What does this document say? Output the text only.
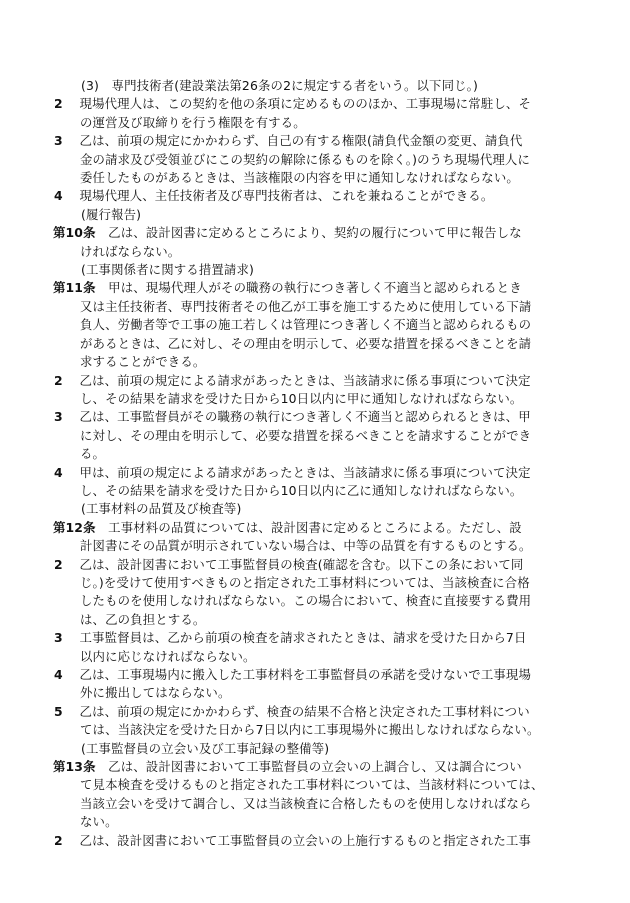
(3)　専門技術者(建設業法第26条の2に規定する者をいう。以下同じ。)
2　現場代理人は、この契約を他の条項に定めるもののほか、工事現場に常駐し、そ
の運営及び取締りを行う権限を有する。
3　乙は、前項の規定にかかわらず、自己の有する権限(請負代金額の変更、請負代
金の請求及び受領並びにこの契約の解除に係るものを除く。)のうち現場代理人に
委任したものがあるときは、当該権限の内容を甲に通知しなければならない。
4　現場代理人、主任技術者及び専門技術者は、これを兼ねることができる。
(履行報告)
第10条　乙は、設計図書に定めるところにより、契約の履行について甲に報告しな
ければならない。
(工事関係者に関する措置請求)
第11条　甲は、現場代理人がその職務の執行につき著しく不適当と認められるとき
又は主任技術者、専門技術者その他乙が工事を施工するために使用している下請
負人、労働者等で工事の施工若しくは管理につき著しく不適当と認められるもの
があるときは、乙に対し、その理由を明示して、必要な措置を採るべきことを請
求することができる。
2　乙は、前項の規定による請求があったときは、当該請求に係る事項について決定
し、その結果を請求を受けた日から10日以内に甲に通知しなければならない。
3　乙は、工事監督員がその職務の執行につき著しく不適当と認められるときは、甲
に対し、その理由を明示して、必要な措置を採るべきことを請求することができ
る。
4　甲は、前項の規定による請求があったときは、当該請求に係る事項について決定
し、その結果を請求を受けた日から10日以内に乙に通知しなければならない。
(工事材料の品質及び検査等)
第12条　工事材料の品質については、設計図書に定めるところによる。ただし、設
計図書にその品質が明示されていない場合は、中等の品質を有するものとする。
2　乙は、設計図書において工事監督員の検査(確認を含む。以下この条において同
じ。)を受けて使用すべきものと指定された工事材料については、当該検査に合格
したものを使用しなければならない。この場合において、検査に直接要する費用
は、乙の負担とする。
3　工事監督員は、乙から前項の検査を請求されたときは、請求を受けた日から7日
以内に応じなければならない。
4　乙は、工事現場内に搬入した工事材料を工事監督員の承諾を受けないで工事現場
外に搬出してはならない。
5　乙は、前項の規定にかかわらず、検査の結果不合格と決定された工事材料につい
ては、当該決定を受けた日から7日以内に工事現場外に搬出しなければならない。
(工事監督員の立会い及び工事記録の整備等)
第13条　乙は、設計図書において工事監督員の立会いの上調合し、又は調合につい
て見本検査を受けるものと指定された工事材料については、当該材料については、
当該立会いを受けて調合し、又は当該検査に合格したものを使用しなければなら
ない。
2　乙は、設計図書において工事監督員の立会いの上施行するものと指定された工事
